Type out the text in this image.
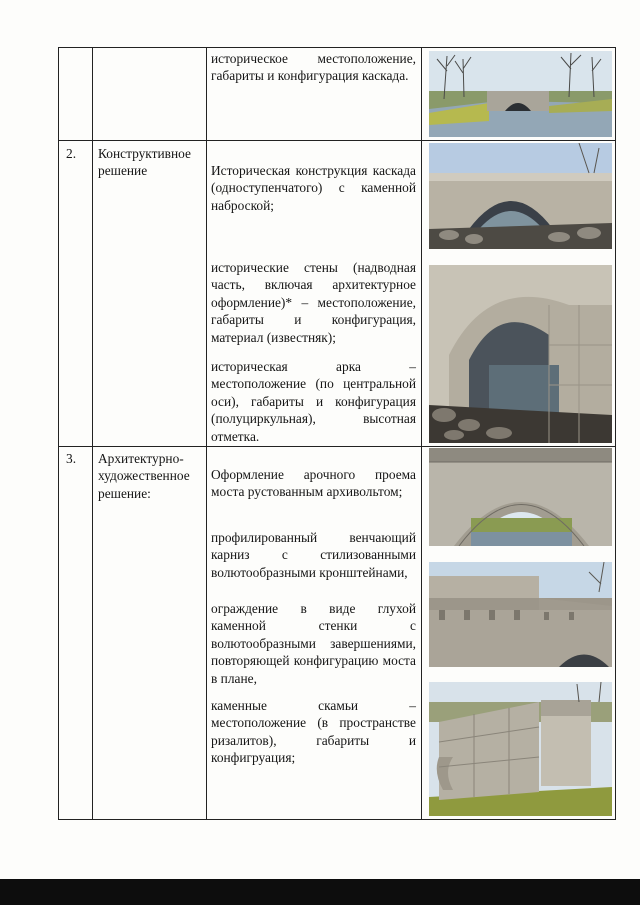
историческое местоположение, габариты и конфигурация каскада.
2. Конструктивное решение	Историческая конструкция каскада (одноступенчатого) с каменной наброской;
исторические стены (надводная часть, включая архитектурное оформление)* – местоположение, габариты и конфигурация, материал (известняк);
историческая арка – местоположение (по центральной оси), габариты и конфигурация (полуциркульная), высотная отметка.
3. Архитектурно-художественное решение:
Оформление арочного проема моста рустованным архивольтом;
профилированный венчающий карниз с стилизованными волютообразными кронштейнами,
ограждение в виде глухой каменной стенки с волютообразными завершениями, повторяющей конфигурацию моста в плане,
каменные скамьи – местоположение (в пространстве ризалитов), габариты и конфигруация;
